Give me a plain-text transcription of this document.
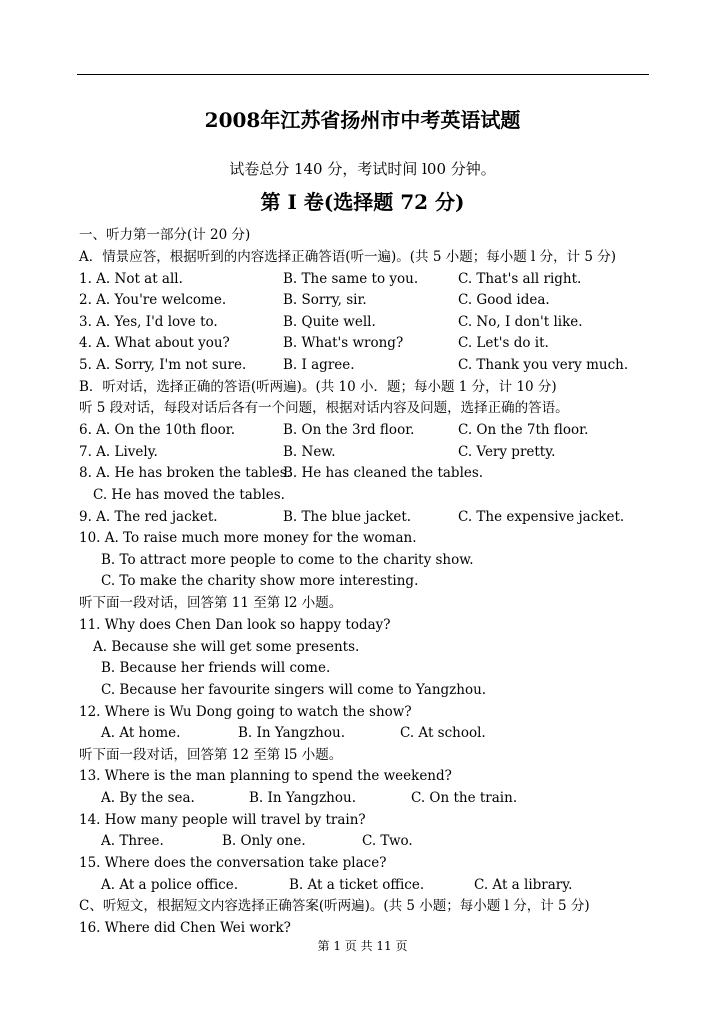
2008年江苏省扬州市中考英语试题
试卷总分 140 分，考试时间 l00 分钟。
第 I 卷(选择题 72 分)
一、听力第一部分(计 20 分)
A．情景应答，根据听到的内容选择正确答语(听一遍)。(共 5 小题；每小题 l 分，计 5 分)
1. A. Not at all.	B. The same to you.	C. That's all right.
2. A. You're welcome.	B. Sorry, sir.	C. Good idea.
3. A. Yes, I'd love to.	B. Quite well.	C. No, I don't like.
4. A. What about you?	B. What's wrong?	C. Let's do it.
5. A. Sorry, I'm not sure.	B. I agree.	C. Thank you very much.
B．听对话，选择正确的答语(听两遍)。(共 10 小．题；每小题 1 分，计 10 分)
听 5 段对话，每段对话后各有一个问题，根据对话内容及问题，选择正确的答语。
6. A. On the 10th floor.	B. On the 3rd floor.	C. On the 7th floor.
7. A. Lively.	B. New.	C. Very pretty.
8. A. He has broken the tables.
B. He has cleaned the tables.
C. He has moved the tables.
9. A. The red jacket.	B. The blue jacket.	C. The expensive jacket.
10. A. To raise much more money for the woman.
B. To attract more people to come to the charity show.
C. To make the charity show more interesting.
听下面一段对话，回答第 11 至第 l2 小题。
11. Why does Chen Dan look so happy today?
A. Because she will get some presents.
B. Because her friends will come.
C. Because her favourite singers will come to Yangzhou.
12. Where is Wu Dong going to watch the show?
A. At home.	B. In Yangzhou.	C. At school.
听下面一段对话，回答第 12 至第 l5 小题。
13. Where is the man planning to spend the weekend?
A. By the sea.	B. In Yangzhou.	C. On the train.
14. How many people will travel by train?
A. Three.	B. Only one.	C. Two.
15. Where does the conversation take place?
A. At a police office.	B. At a ticket office.	C. At a library.
C、听短文，根据短文内容选择正确答案(听两遍)。(共 5 小题；每小题 l 分，计 5 分)
16. Where did Chen Wei work?
第 1 页 共 11 页
